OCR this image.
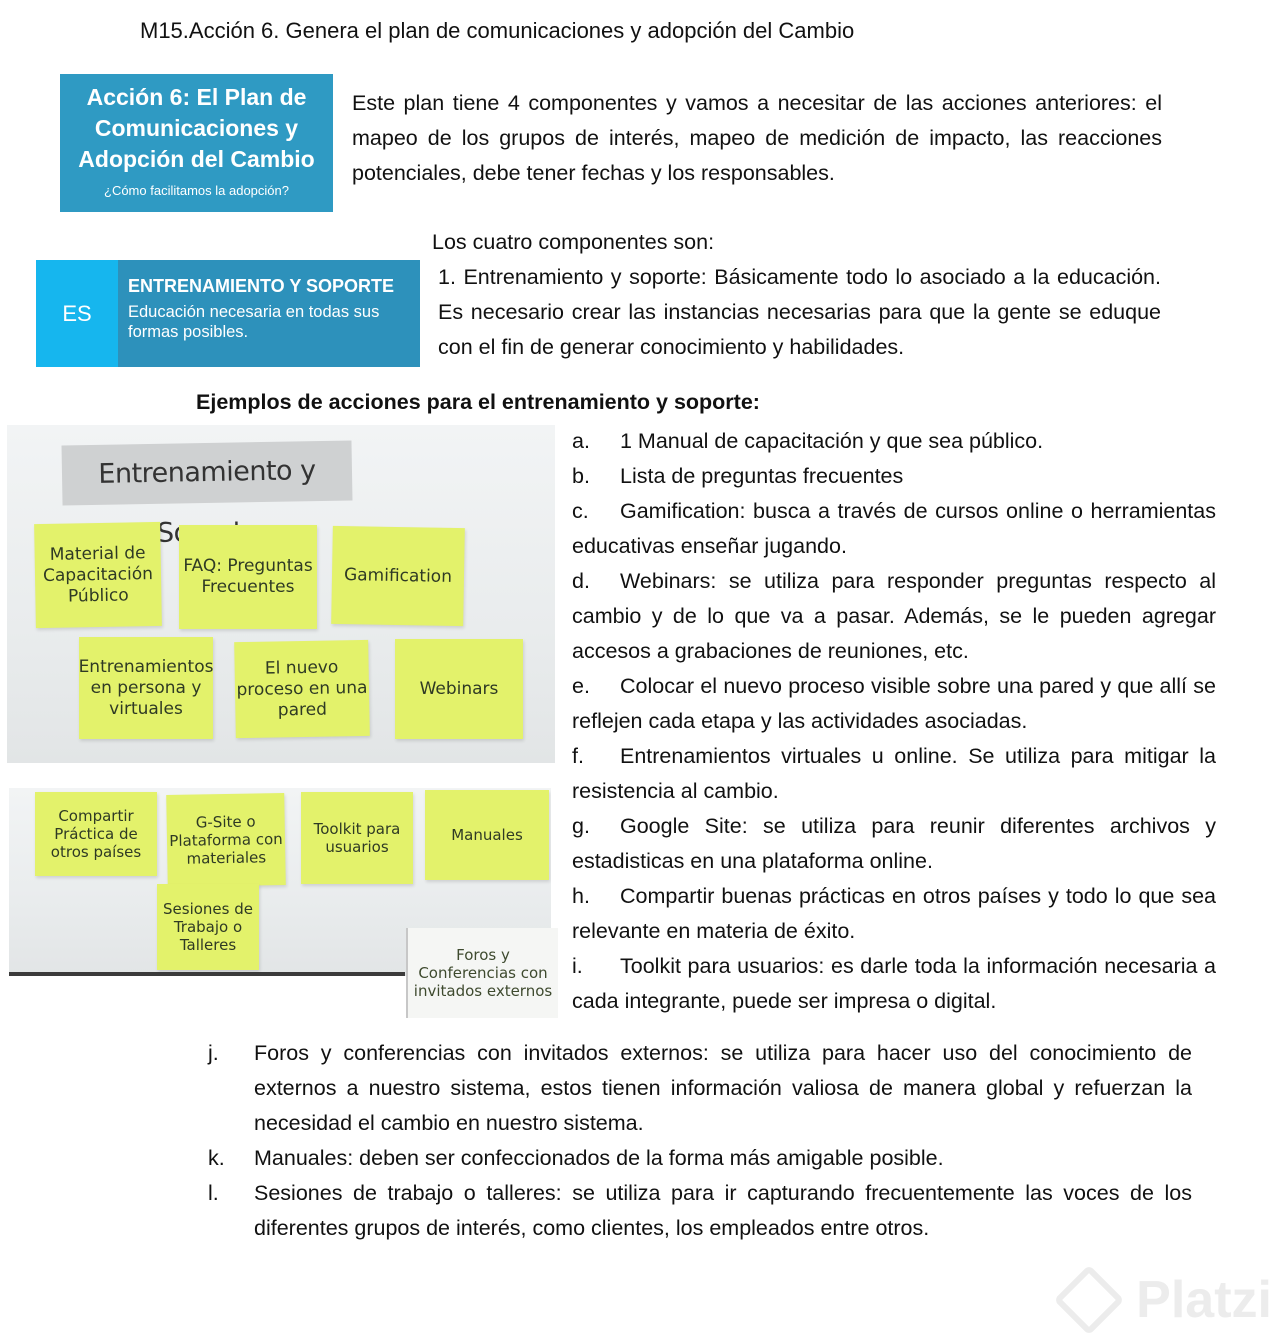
M15.Acción 6. Genera el plan de comunicaciones y adopción del Cambio
Acción 6: El Plan de Comunicaciones y Adopción del Cambio
¿Cómo facilitamos la adopción?
Este plan tiene 4 componentes y vamos a necesitar de las acciones anteriores: el mapeo de los grupos de interés, mapeo de medición de impacto, las reacciones potenciales, debe tener fechas y los responsables.
Los cuatro componentes son:
ES
ENTRENAMIENTO Y SOPORTE
Educación necesaria en todas sus formas posibles.
1. Entrenamiento y soporte: Básicamente todo lo asociado a la educación. Es necesario crear las instancias necesarias para que la gente se eduque con el fin de generar conocimiento y habilidades.
Ejemplos de acciones para el entrenamiento y soporte:
Entrenamiento y
Material de Capacitación Público
FAQ: Preguntas Frecuentes
Gamification
Entrenamientos en persona y virtuales
El nuevo proceso en una pared
Webinars
Compartir Práctica de otros países
G-Site o Plataforma con materiales
Toolkit para usuarios
Manuales
Sesiones de Trabajo o Talleres
Foros y Conferencias con invitados externos
a. 1 Manual de capacitación y que sea público.
b. Lista de preguntas frecuentes
c. Gamification: busca a través de cursos online o herramientas educativas enseñar jugando.
d. Webinars: se utiliza para responder preguntas respecto al cambio y de lo que va a pasar. Además, se le pueden agregar accesos a grabaciones de reuniones, etc.
e. Colocar el nuevo proceso visible sobre una pared y que allí se reflejen cada etapa y las actividades asociadas.
f. Entrenamientos virtuales u online. Se utiliza para mitigar la resistencia al cambio.
g. Google Site: se utiliza para reunir diferentes archivos y estadisticas en una plataforma online.
h. Compartir buenas prácticas en otros países y todo lo que sea relevante en materia de éxito.
i. Toolkit para usuarios: es darle toda la información necesaria a cada integrante, puede ser impresa o digital.
j.	Foros y conferencias con invitados externos: se utiliza para hacer uso del conocimiento de externos a nuestro sistema, estos tienen información valiosa de manera global y refuerzan la necesidad el cambio en nuestro sistema.
k.	Manuales: deben ser confeccionados de la forma más amigable posible.
l.	Sesiones de trabajo o talleres: se utiliza para ir capturando frecuentemente las voces de los diferentes grupos de interés, como clientes, los empleados entre otros.
Platzi
